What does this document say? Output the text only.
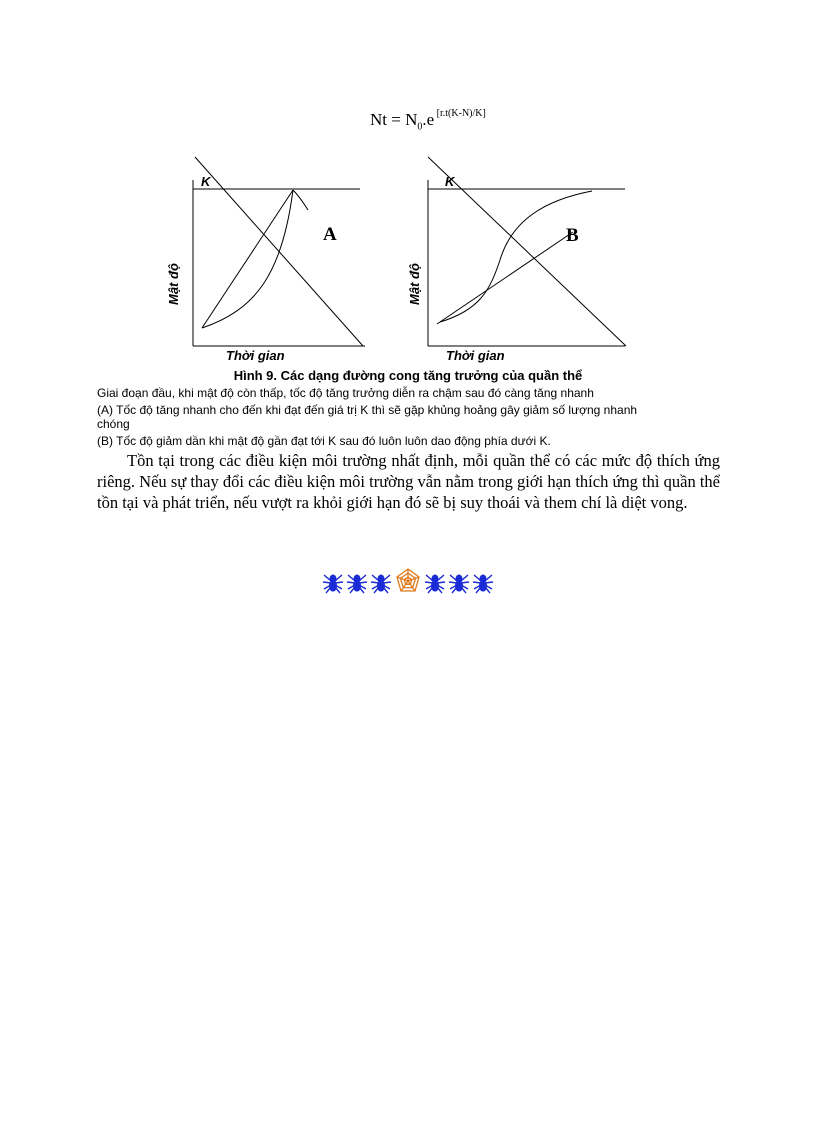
$Nt = N_0.e$ [r.t(K-N)/K]
K
A
Mật độ
Thời gian
K
B
Mật độ
Thời gian
Hình 9. Các dạng đường cong tăng trưởng của quần thể
Giai đoạn đầu, khi mật độ còn thấp, tốc độ tăng trưởng diễn ra chậm sau đó càng tăng nhanh
(A) Tốc độ tăng nhanh cho đến khi đạt đến giá trị K thì sẽ gặp khủng hoảng gây giảm số lượng nhanh
chóng
(B) Tốc độ giảm dần khi mật độ gần đạt tới K sau đó luôn luôn dao động phía dưới K.
Tồn tại trong các điều kiện môi trường nhất định, mỗi quần thể có các mức độ thích ứng riêng. Nếu sự thay đổi các điều kiện môi trường vẫn nằm trong giới hạn thích ứng thì quần thể tồn tại và phát triển, nếu vượt ra khỏi giới hạn đó sẽ bị suy thoái và them chí là diệt vong.
